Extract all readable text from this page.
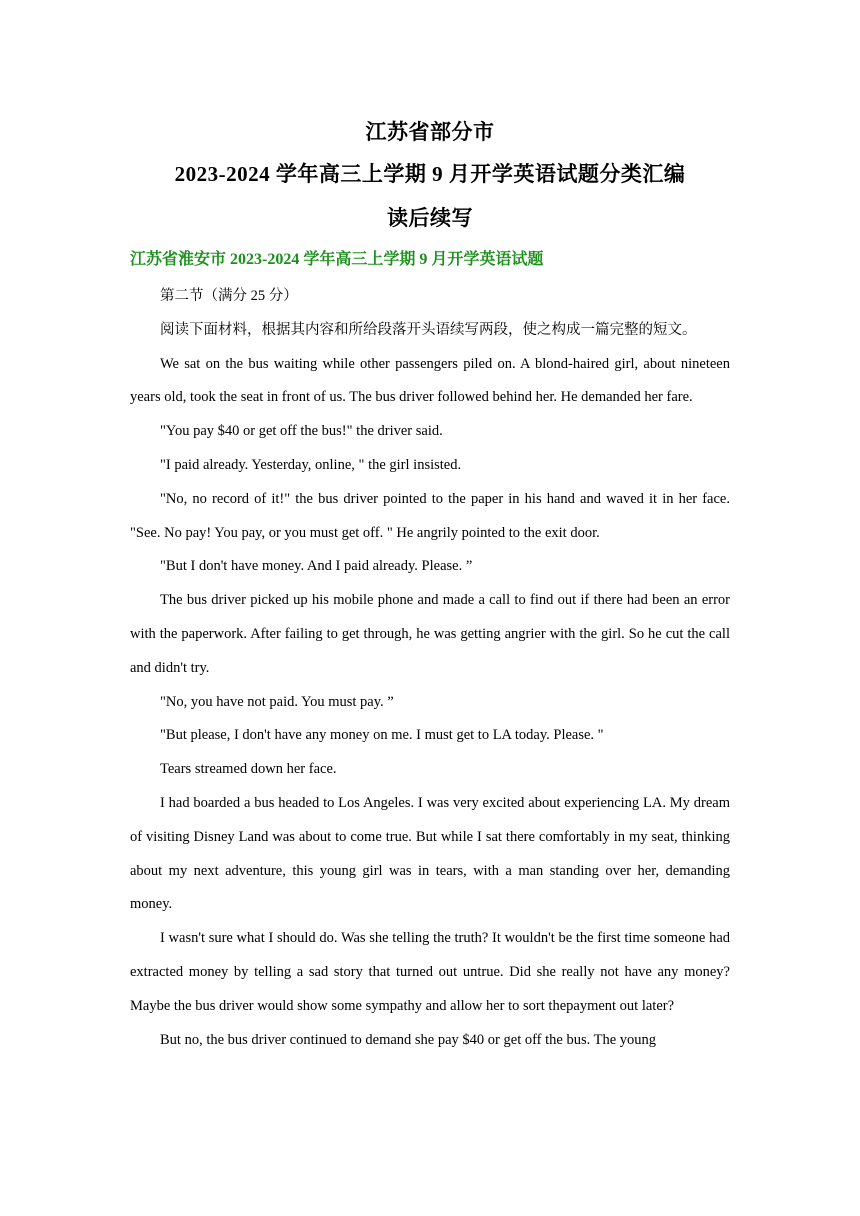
江苏省部分市
2023-2024 学年高三上学期 9 月开学英语试题分类汇编
读后续写
江苏省淮安市 2023-2024 学年高三上学期 9 月开学英语试题

第二节（满分 25 分）

阅读下面材料，根据其内容和所给段落开头语续写两段，使之构成一篇完整的短文。

We sat on the bus waiting while other passengers piled on. A blond-haired girl, about nineteen years old, took the seat in front of us. The bus driver followed behind her. He demanded her fare.

"You pay $40 or get off the bus!" the driver said.

"I paid already. Yesterday, online, " the girl insisted.

"No, no record of it!" the bus driver pointed to the paper in his hand and waved it in her face. "See. No pay! You pay, or you must get off. " He angrily pointed to the exit door.

"But I don't have money. And I paid already. Please. ”

The bus driver picked up his mobile phone and made a call to find out if there had been an error with the paperwork. After failing to get through, he was getting angrier with the girl. So he cut the call and didn't try.

"No, you have not paid. You must pay. ”

"But please, I don't have any money on me. I must get to LA today. Please. "

Tears streamed down her face.

I had boarded a bus headed to Los Angeles. I was very excited about experiencing LA. My dream of visiting Disney Land was about to come true. But while I sat there comfortably in my seat, thinking about my next adventure, this young girl was in tears, with a man standing over her, demanding money.

I wasn't sure what I should do. Was she telling the truth? It wouldn't be the first time someone had extracted money by telling a sad story that turned out untrue. Did she really not have any money? Maybe the bus driver would show some sympathy and allow her to sort thepayment out later?

But no, the bus driver continued to demand she pay $40 or get off the bus. The young
